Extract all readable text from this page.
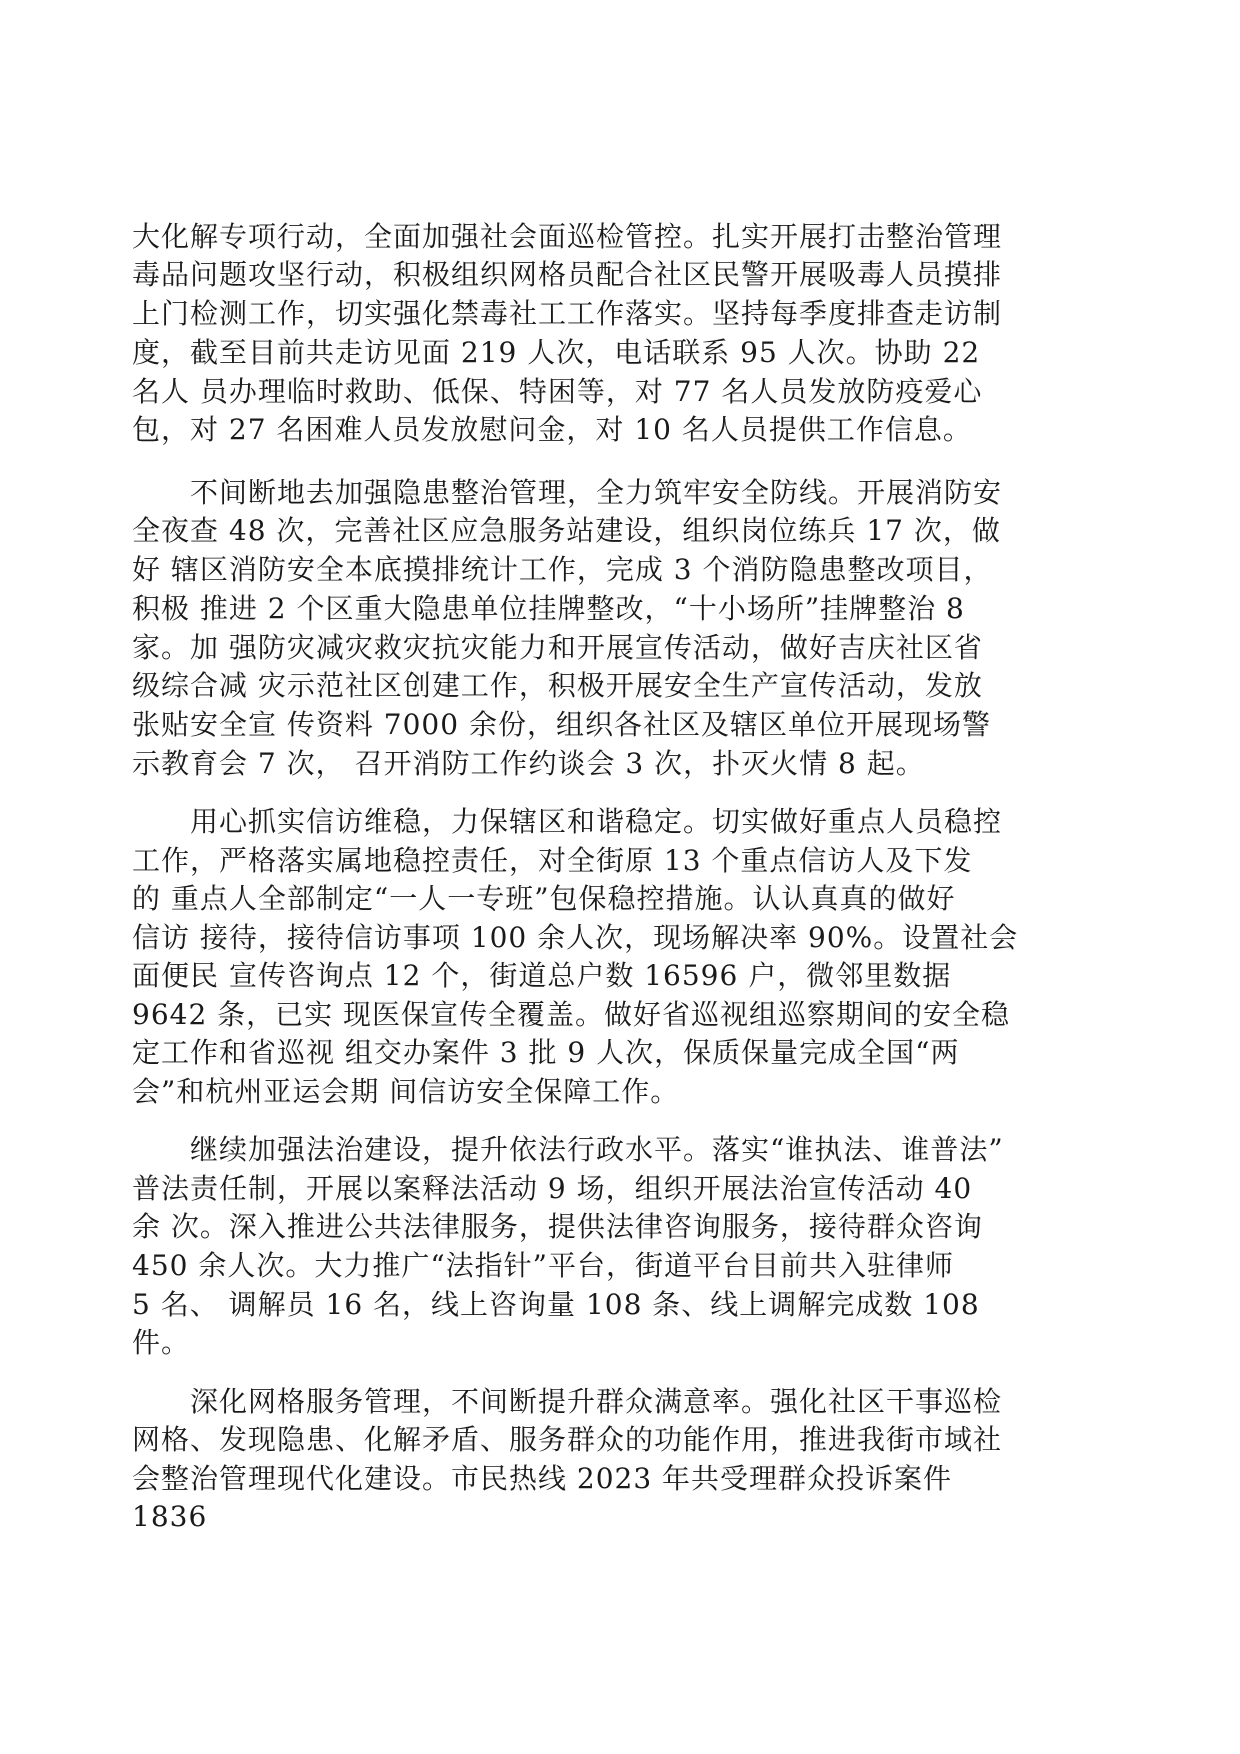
大化解专项行动，全面加强社会面巡检管控。扎实开展打击整治管理
毒品问题攻坚行动，积极组织网格员配合社区民警开展吸毒人员摸排
上门检测工作，切实强化禁毒社工工作落实。坚持每季度排查走访制
度，截至目前共走访见面 219 人次，电话联系 95 人次。协助 22
名人 员办理临时救助、低保、特困等，对 77 名人员发放防疫爱心
包，对 27 名困难人员发放慰问金，对 10 名人员提供工作信息。
　　不间断地去加强隐患整治管理，全力筑牢安全防线。开展消防安
全夜查 48 次，完善社区应急服务站建设，组织岗位练兵 17 次，做
好 辖区消防安全本底摸排统计工作，完成 3 个消防隐患整改项目，
积极 推进 2 个区重大隐患单位挂牌整改，“十小场所”挂牌整治 8
家。加 强防灾减灾救灾抗灾能力和开展宣传活动，做好吉庆社区省
级综合减 灾示范社区创建工作，积极开展安全生产宣传活动，发放
张贴安全宣 传资料 7000 余份，组织各社区及辖区单位开展现场警
示教育会 7 次， 召开消防工作约谈会 3 次，扑灭火情 8 起。
　　用心抓实信访维稳，力保辖区和谐稳定。切实做好重点人员稳控
工作，严格落实属地稳控责任，对全街原 13 个重点信访人及下发
的 重点人全部制定“一人一专班”包保稳控措施。认认真真的做好
信访 接待，接待信访事项 100 余人次，现场解决率 90%。设置社会
面便民 宣传咨询点 12 个，街道总户数 16596 户，微邻里数据
9642 条，已实 现医保宣传全覆盖。做好省巡视组巡察期间的安全稳
定工作和省巡视 组交办案件 3 批 9 人次，保质保量完成全国“两
会”和杭州亚运会期 间信访安全保障工作。
　　继续加强法治建设，提升依法行政水平。落实“谁执法、谁普法”
普法责任制，开展以案释法活动 9 场，组织开展法治宣传活动 40
余 次。深入推进公共法律服务，提供法律咨询服务，接待群众咨询
450 余人次。大力推广“法指针”平台，街道平台目前共入驻律师
5 名、 调解员 16 名，线上咨询量 108 条、线上调解完成数 108
件。
　　深化网格服务管理，不间断提升群众满意率。强化社区干事巡检
网格、发现隐患、化解矛盾、服务群众的功能作用，推进我街市域社
会整治管理现代化建设。市民热线 2023 年共受理群众投诉案件
1836
